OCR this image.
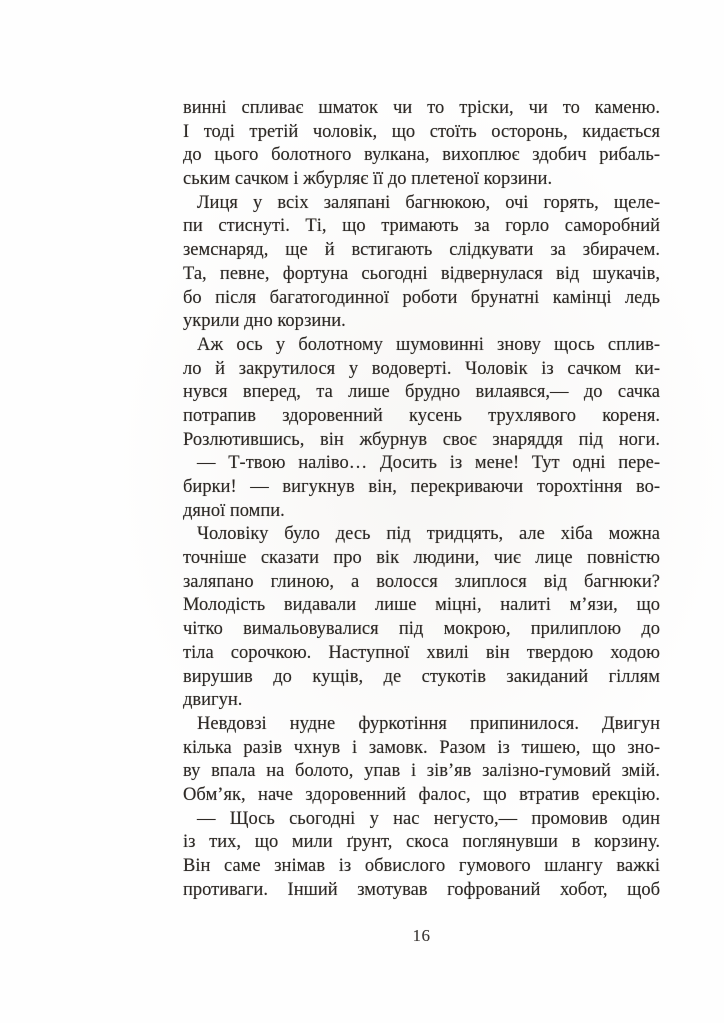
винні спливає шматок чи то тріски, чи то каменю.
І тоді третій чоловік, що стоїть осторонь, кидається
до цього болотного вулкана, вихоплює здобич рибаль-
ським сачком і жбурляє її до плетеної корзини.
Лиця у всіх заляпані багнюкою, очі горять, щеле-
пи стиснуті. Ті, що тримають за горло саморобний
земснаряд, ще й встигають слідкувати за збирачем.
Та, певне, фортуна сьогодні відвернулася від шукачів,
бо після багатогодинної роботи брунатні камінці ледь
укрили дно корзини.
Аж ось у болотному шумовинні знову щось сплив-
ло й закрутилося у водоверті. Чоловік із сачком ки-
нувся вперед, та лише брудно вилаявся,— до сачка
потрапив здоровенний кусень трухлявого кореня.
Розлютившись, він жбурнув своє знаряддя під ноги.
— Т-твою наліво… Досить із мене! Тут одні пере-
бирки! — вигукнув він, перекриваючи торохтіння во-
дяної помпи.
Чоловіку було десь під тридцять, але хіба можна
точніше сказати про вік людини, чиє лице повністю
заляпано глиною, а волосся злиплося від багнюки?
Молодість видавали лише міцні, налиті м’язи, що
чітко вимальовувалися під мокрою, прилиплою до
тіла сорочкою. Наступної хвилі він твердою ходою
вирушив до кущів, де стукотів закиданий гіллям
двигун.
Невдовзі нудне фуркотіння припинилося. Двигун
кілька разів чхнув і замовк. Разом із тишею, що зно-
ву впала на болото, упав і зів’яв залізно-гумовий змій.
Обм’як, наче здоровенний фалос, що втратив ерекцію.
— Щось сьогодні у нас негусто,— промовив один
із тих, що мили ґрунт, скоса поглянувши в корзину.
Він саме знімав із обвислого гумового шлангу важкі
противаги. Інший змотував гофрований хобот, щоб
16
